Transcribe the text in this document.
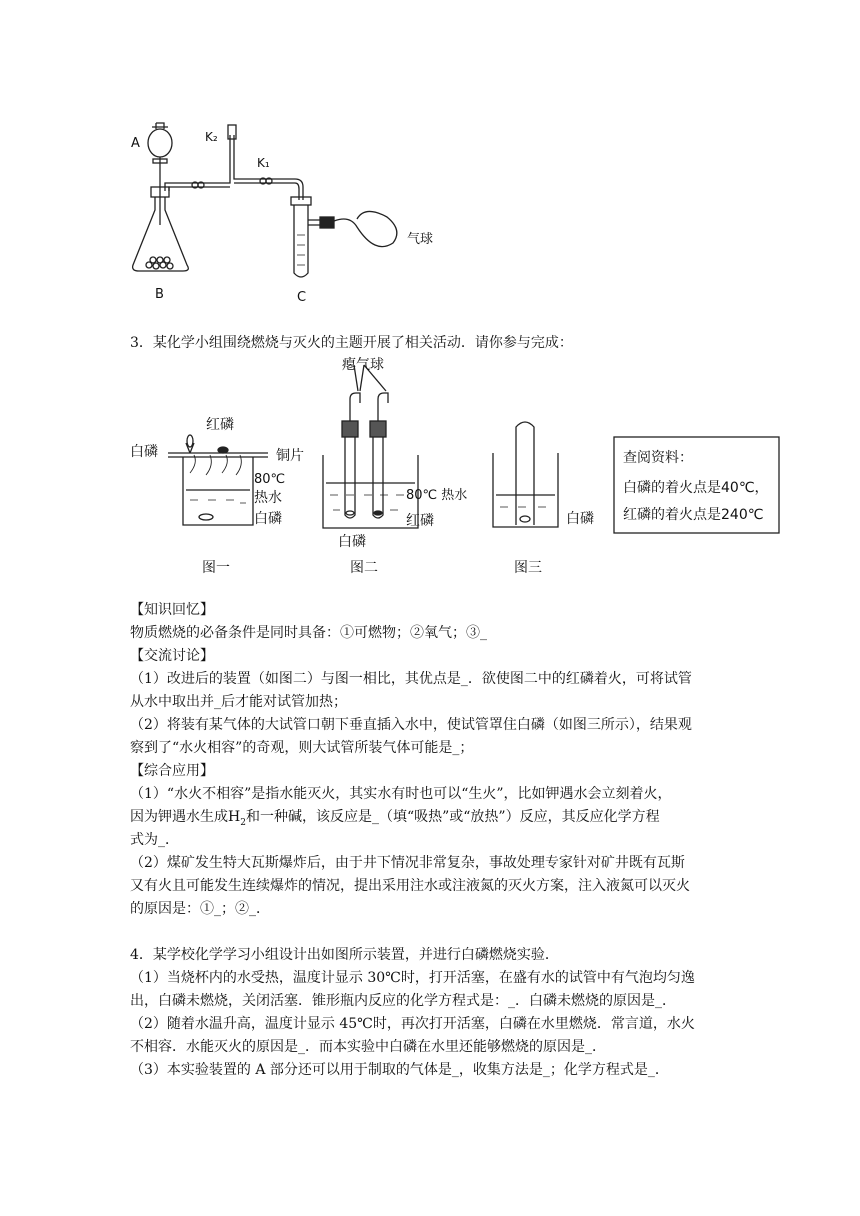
A
B	C
K₂
K₁
气球
3．某化学小组围绕燃烧与灭火的主题开展了相关活动．请你参与完成：
白磷
红磷
铜片
80℃
热水
白磷
图一
瘪气球
80℃ 热水
红磷
白磷
图二
白磷
图三
查阅资料：
白磷的着火点是40℃，
红磷的着火点是240℃
【知识回忆】
物质燃烧的必备条件是同时具备：①可燃物；②氧气；③_
【交流讨论】
（1）改进后的装置（如图二）与图一相比，其优点是_．欲使图二中的红磷着火，可将试管
从水中取出并_后才能对试管加热；
（2）将装有某气体的大试管口朝下垂直插入水中，使试管罩住白磷（如图三所示），结果观
察到了“水火相容”的奇观，则大试管所装气体可能是_；
【综合应用】
（1）“水火不相容”是指水能灭火，其实水有时也可以“生火”，比如钾遇水会立刻着火，
因为钾遇水生成$H_2$和一种碱，该反应是_（填“吸热”或“放热”）反应，其反应化学方程
式为_．
（2）煤矿发生特大瓦斯爆炸后，由于井下情况非常复杂，事故处理专家针对矿井既有瓦斯
又有火且可能发生连续爆炸的情况，提出采用注水或注液氮的灭火方案，注入液氮可以灭火
的原因是：①_；②_．
4．某学校化学学习小组设计出如图所示装置，并进行白磷燃烧实验．
（1）当烧杯内的水受热，温度计显示 30℃时，打开活塞，在盛有水的试管中有气泡均匀逸
出，白磷未燃烧，关闭活塞．锥形瓶内反应的化学方程式是：_．白磷未燃烧的原因是_．
（2）随着水温升高，温度计显示 45℃时，再次打开活塞，白磷在水里燃烧．常言道，水火
不相容．水能灭火的原因是_．而本实验中白磷在水里还能够燃烧的原因是_．
（3）本实验装置的 A 部分还可以用于制取的气体是_，收集方法是_；化学方程式是_．
